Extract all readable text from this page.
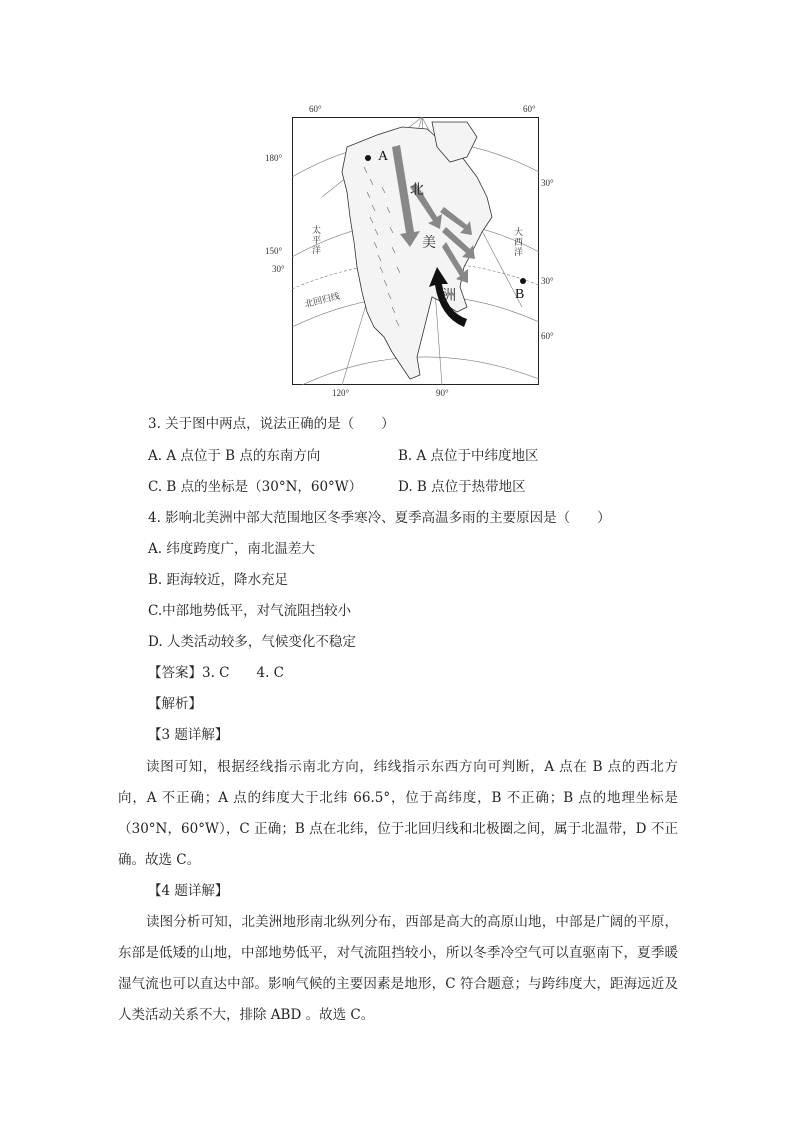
A
B
北
美
洲
太平洋
大西洋
北回归线
60°	60°
120°	90°
180°
30°
150°
30°
30°
60°
3. 关于图中两点，说法正确的是（　　）
A. A 点位于 B 点的东南方向	B. A 点位于中纬度地区
C. B 点的坐标是（30°N，60°W）	D. B 点位于热带地区
4. 影响北美洲中部大范围地区冬季寒冷、夏季高温多雨的主要原因是（　　）
A. 纬度跨度广，南北温差大
B. 距海较近，降水充足
C.中部地势低平，对气流阻挡较小
D. 人类活动较多，气候变化不稳定
【答案】3. C　　4. C
【解析】
【3 题详解】

读图可知，根据经线指示南北方向，纬线指示东西方向可判断，A 点在 B 点的西北方向，A 不正确；A 点的纬度大于北纬 66.5°，位于高纬度，B 不正确；B 点的地理坐标是（30°N，60°W），C 正确；B 点在北纬，位于北回归线和北极圈之间，属于北温带，D 不正确。故选 C。

【4 题详解】

读图分析可知，北美洲地形南北纵列分布，西部是高大的高原山地，中部是广阔的平原，东部是低矮的山地，中部地势低平，对气流阻挡较小，所以冬季冷空气可以直驱南下，夏季暖湿气流也可以直达中部。影响气候的主要因素是地形，C 符合题意；与跨纬度大，距海远近及人类活动关系不大，排除 ABD 。故选 C。
